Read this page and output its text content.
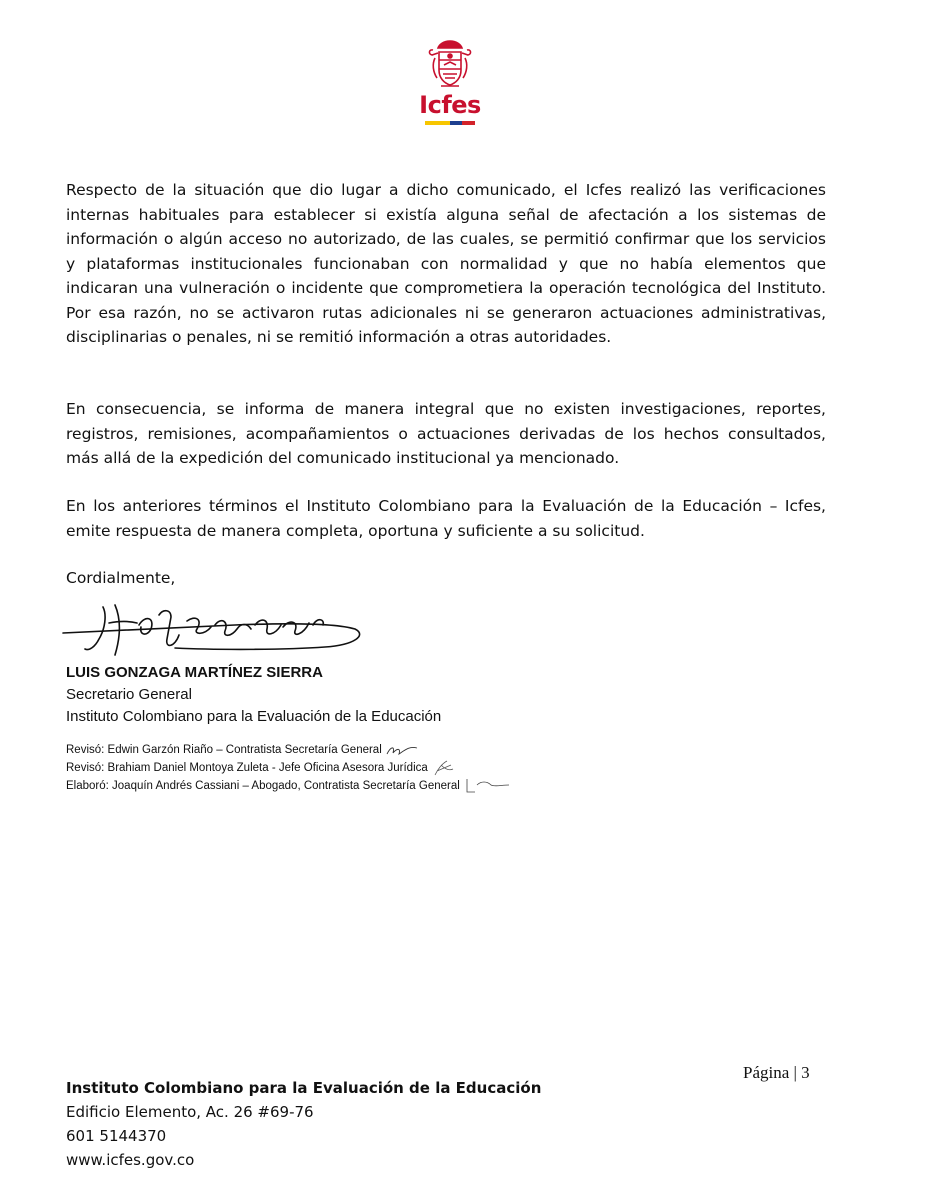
Icfes

Respecto de la situación que dio lugar a dicho comunicado, el Icfes realizó las verificaciones internas habituales para establecer si existía alguna señal de afectación a los sistemas de información o algún acceso no autorizado, de las cuales, se permitió confirmar que los servicios y plataformas institucionales funcionaban con normalidad y que no había elementos que indicaran una vulneración o incidente que comprometiera la operación tecnológica del Instituto. Por esa razón, no se activaron rutas adicionales ni se generaron actuaciones administrativas, disciplinarias o penales, ni se remitió información a otras autoridades.

En consecuencia, se informa de manera integral que no existen investigaciones, reportes, registros, remisiones, acompañamientos o actuaciones derivadas de los hechos consultados, más allá de la expedición del comunicado institucional ya mencionado.

En los anteriores términos el Instituto Colombiano para la Evaluación de la Educación – Icfes, emite respuesta de manera completa, oportuna y suficiente a su solicitud.

Cordialmente,

LUIS GONZAGA MARTÍNEZ SIERRA
Secretario General
Instituto Colombiano para la Evaluación de la Educación
Revisó: Edwin Garzón Riaño – Contratista Secretaría General
Revisó: Brahiam Daniel Montoya Zuleta - Jefe Oficina Asesora Jurídica
Elaboró: Joaquín Andrés Cassiani – Abogado, Contratista Secretaría General
Página | 3
Instituto Colombiano para la Evaluación de la Educación
Edificio Elemento, Ac. 26 #69-76
601 5144370
www.icfes.gov.co
